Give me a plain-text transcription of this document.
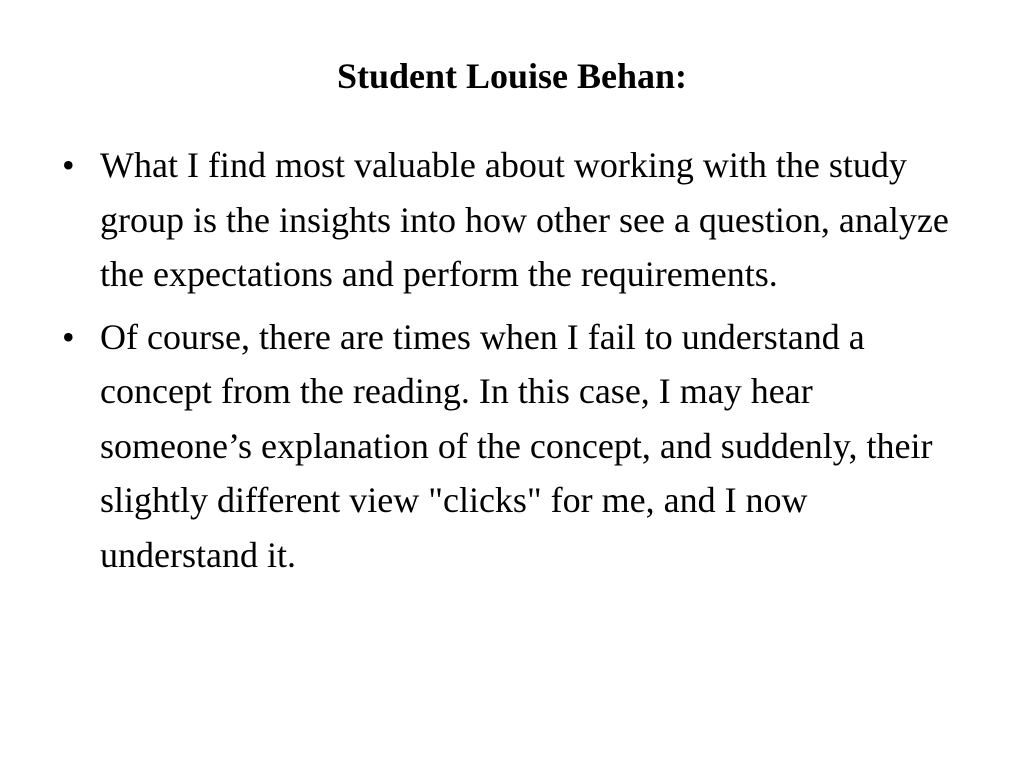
Student Louise Behan:
• What I find most valuable about working with the study group is the insights into how other see a question, analyze the expectations and perform the requirements.
• Of course, there are times when I fail to understand a concept from the reading. In this case, I may hear someone’s explanation of the concept, and suddenly, their slightly different view "clicks" for me, and I now understand it.
